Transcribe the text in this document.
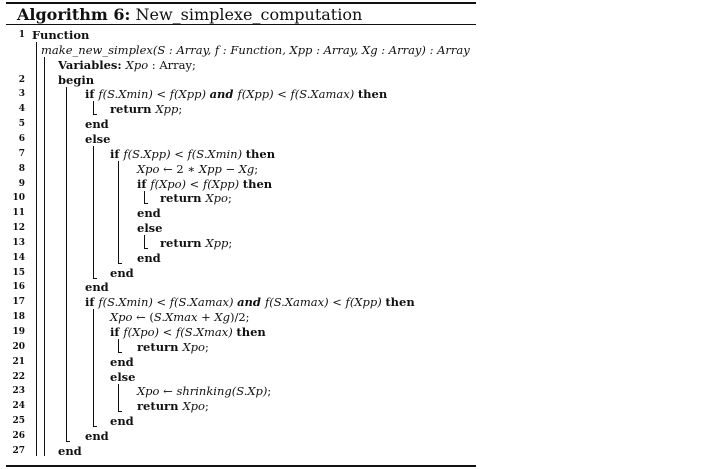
Algorithm 6: New_simplexe_computation
1 Function
make_new_simplex(S : Array, f : Function, Xpp : Array, Xg : Array) : Array
Variables: Xpo : Array;
2	begin
3	if f(S.Xmin) < f(Xpp) and f(Xpp) < f(S.Xamax) then
4	return Xpp;
5	end
6	else
7	if f(S.Xpp) < f(S.Xmin) then
8	Xpo ← 2 ∗ Xpp − Xg;
9	if f(Xpo) < f(Xpp) then
10	return Xpo;
11	end
12	else
13	return Xpp;
14	end
15	end
16	end
17	if f(S.Xmin) < f(S.Xamax) and f(S.Xamax) < f(Xpp) then
18	Xpo ← (S.Xmax + Xg)/2;
19	if f(Xpo) < f(S.Xmax) then
20	return Xpo;
21	end
22	else
23	Xpo ← shrinking(S.Xp);
24	return Xpo;
25	end
26	end
27	end
